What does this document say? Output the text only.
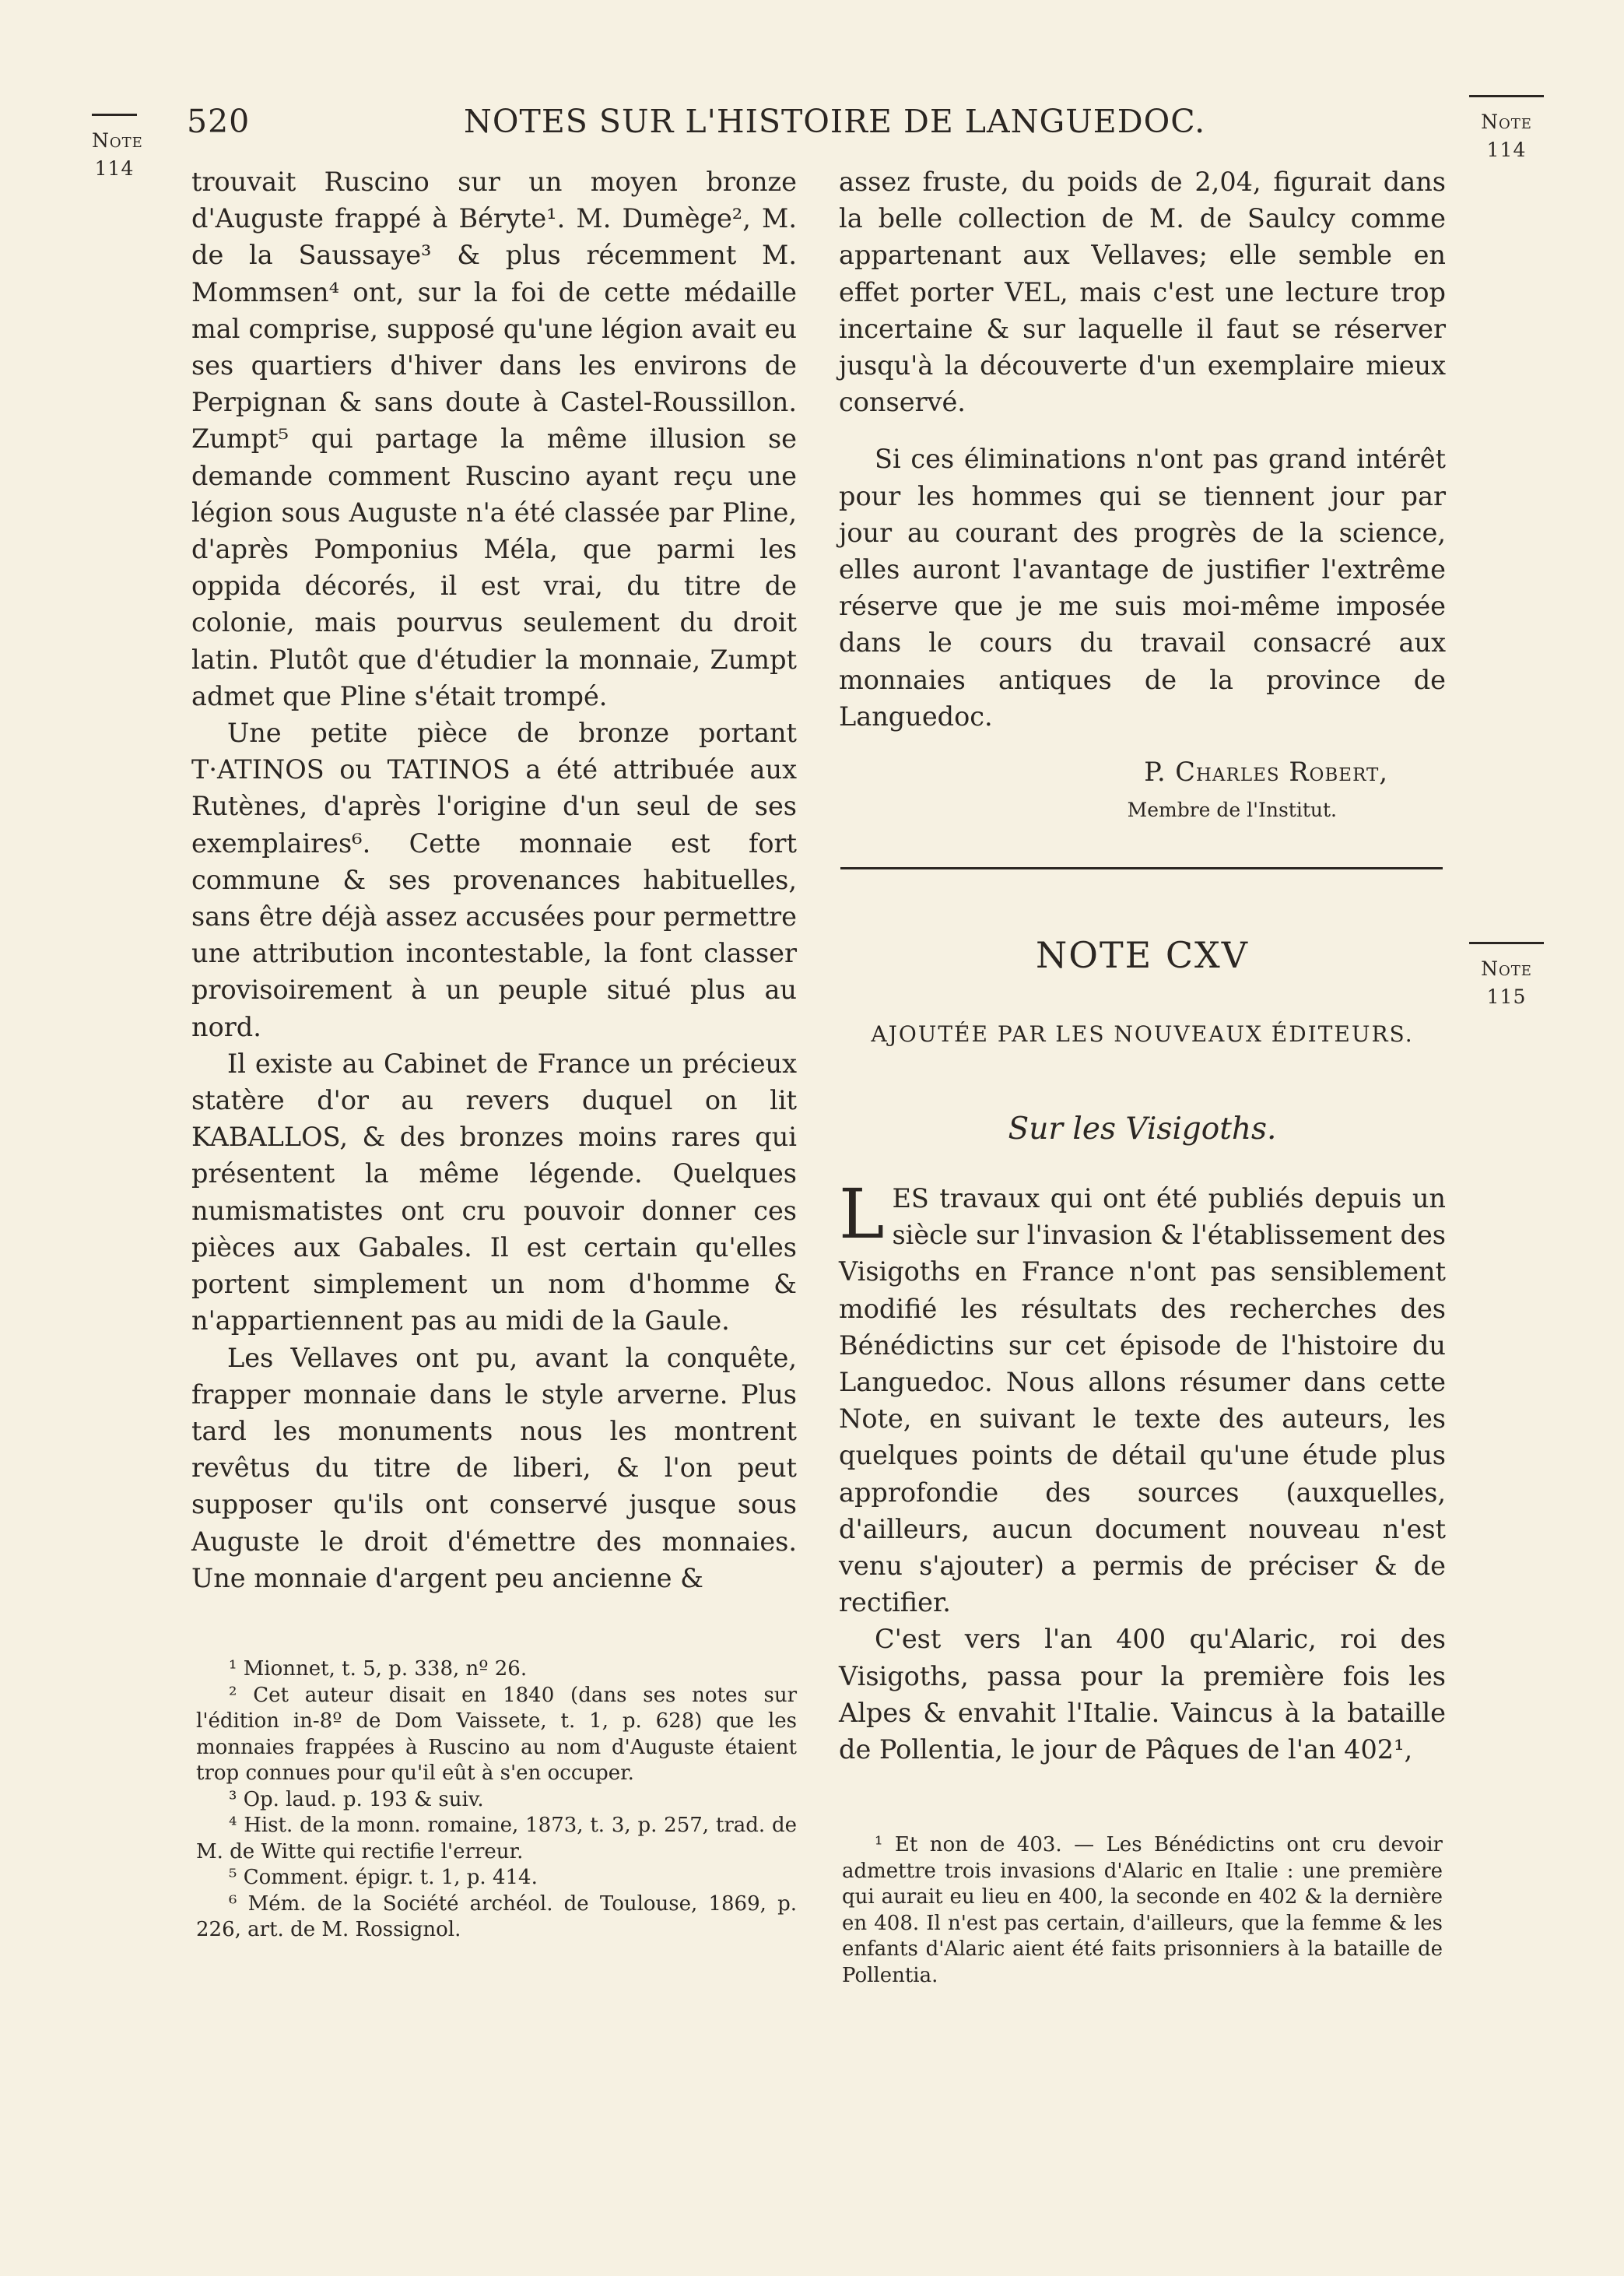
Note
114
520	NOTES SUR L'HISTOIRE DE LANGUEDOC.	Note
114
Note
115

trouvait Ruscino sur un moyen bronze d'Auguste frappé à Béryte¹. M. Dumège², M. de la Saussaye³ & plus récemment M. Mommsen⁴ ont, sur la foi de cette médaille mal comprise, supposé qu'une légion avait eu ses quartiers d'hiver dans les environs de Perpignan & sans doute à Castel-Roussillon. Zumpt⁵ qui partage la même illusion se demande comment Ruscino ayant reçu une légion sous Auguste n'a été classée par Pline, d'après Pomponius Méla, que parmi les oppida décorés, il est vrai, du titre de colonie, mais pourvus seulement du droit latin. Plutôt que d'étudier la monnaie, Zumpt admet que Pline s'était trompé.

Une petite pièce de bronze portant T·ATINOS ou TATINOS a été attribuée aux Rutènes, d'après l'origine d'un seul de ses exemplaires⁶. Cette monnaie est fort commune & ses provenances habituelles, sans être déjà assez accusées pour permettre une attribution incontestable, la font classer provisoirement à un peuple situé plus au nord.

Il existe au Cabinet de France un précieux statère d'or au revers duquel on lit KABALLOS, & des bronzes moins rares qui présentent la même légende. Quelques numismatistes ont cru pouvoir donner ces pièces aux Gabales. Il est certain qu'elles portent simplement un nom d'homme & n'appartiennent pas au midi de la Gaule.

Les Vellaves ont pu, avant la conquête, frapper monnaie dans le style arverne. Plus tard les monuments nous les montrent revêtus du titre de liberi, & l'on peut supposer qu'ils ont conservé jusque sous Auguste le droit d'émettre des monnaies. Une monnaie d'argent peu ancienne &

¹ Mionnet, t. 5, p. 338, nº 26.

² Cet auteur disait en 1840 (dans ses notes sur l'édition in-8º de Dom Vaissete, t. 1, p. 628) que les monnaies frappées à Ruscino au nom d'Auguste étaient trop connues pour qu'il eût à s'en occuper.

³ Op. laud. p. 193 & suiv.

⁴ Hist. de la monn. romaine, 1873, t. 3, p. 257, trad. de M. de Witte qui rectifie l'erreur.

⁵ Comment. épigr. t. 1, p. 414.

⁶ Mém. de la Société archéol. de Toulouse, 1869, p. 226, art. de M. Rossignol.

assez fruste, du poids de 2,04, figurait dans la belle collection de M. de Saulcy comme appartenant aux Vellaves; elle semble en effet porter VEL, mais c'est une lecture trop incertaine & sur laquelle il faut se réserver jusqu'à la découverte d'un exemplaire mieux conservé.

Si ces éliminations n'ont pas grand intérêt pour les hommes qui se tiennent jour par jour au courant des progrès de la science, elles auront l'avantage de justifier l'extrême réserve que je me suis moi-même imposée dans le cours du travail consacré aux monnaies antiques de la province de Languedoc.

P. Charles Robert,
Membre de l'Institut.
NOTE CXV
AJOUTÉE PAR LES NOUVEAUX ÉDITEURS.
Sur les Visigoths.
L ES travaux qui ont été publiés depuis un siècle sur l'invasion & l'établissement des Visigoths en France n'ont pas sensiblement modifié les résultats des recherches des Bénédictins sur cet épisode de l'histoire du Languedoc. Nous allons résumer dans cette Note, en suivant le texte des auteurs, les quelques points de détail qu'une étude plus approfondie des sources (auxquelles, d'ailleurs, aucun document nouveau n'est venu s'ajouter) a permis de préciser & de rectifier.

C'est vers l'an 400 qu'Alaric, roi des Visigoths, passa pour la première fois les Alpes & envahit l'Italie. Vaincus à la bataille de Pollentia, le jour de Pâques de l'an 402¹,

¹ Et non de 403. — Les Bénédictins ont cru devoir admettre trois invasions d'Alaric en Italie : une première qui aurait eu lieu en 400, la seconde en 402 & la dernière en 408. Il n'est pas certain, d'ailleurs, que la femme & les enfants d'Alaric aient été faits prisonniers à la bataille de Pollentia.
